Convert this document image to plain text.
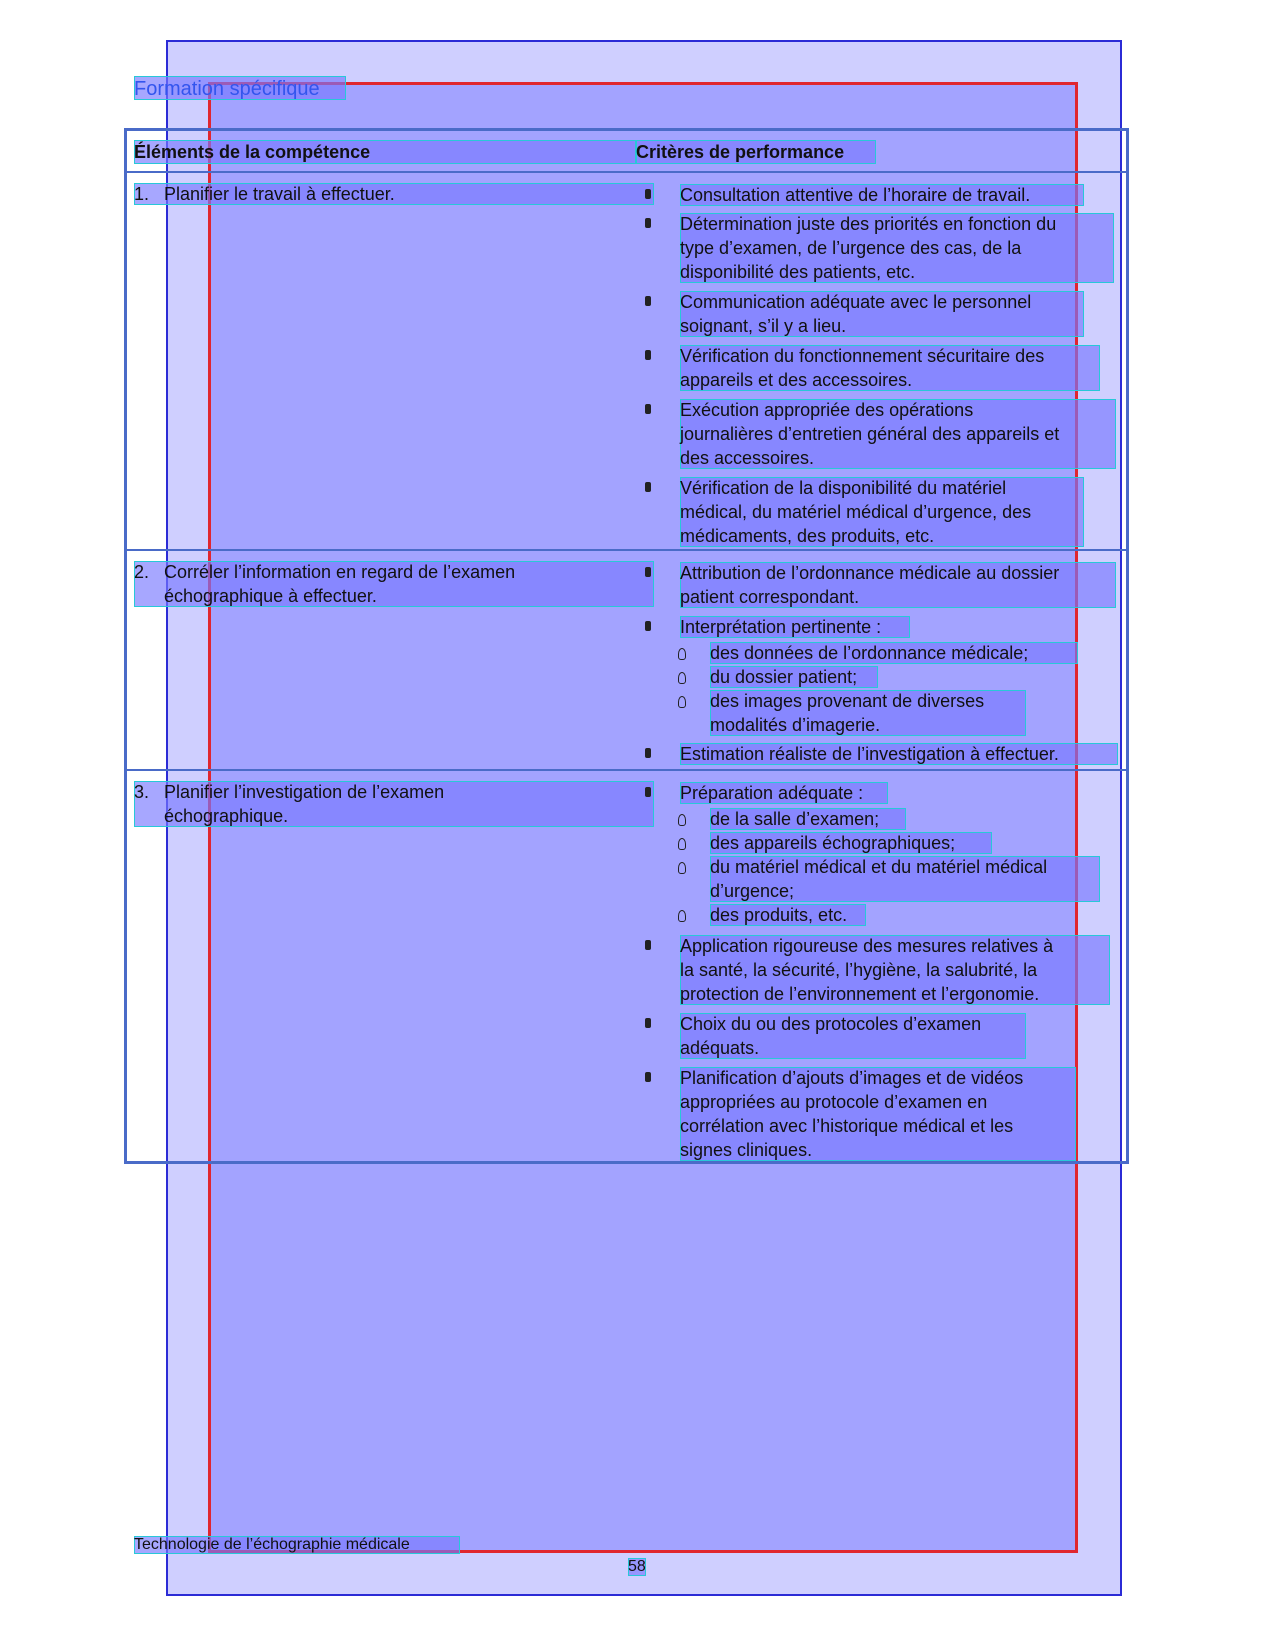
Formation spécifique
Éléments de la compétence	Critères de performance
1. Planifier le travail à effectuer.	Consultation attentive de l’horaire de travail.
Détermination juste des priorités en fonction du
type d’examen, de l’urgence des cas, de la
disponibilité des patients, etc.
Communication adéquate avec le personnel
soignant, s’il y a lieu.
Vérification du fonctionnement sécuritaire des
appareils et des accessoires.
Exécution appropriée des opérations
journalières d’entretien général des appareils et
des accessoires.
Vérification de la disponibilité du matériel
médical, du matériel médical d’urgence, des
médicaments, des produits, etc.
2. Corréler l’information en regard de l’examen
échographique à effectuer.
Attribution de l’ordonnance médicale au dossier
patient correspondant.
Interprétation pertinente :
des données de l’ordonnance médicale;
du dossier patient;
des images provenant de diverses
modalités d’imagerie.
Estimation réaliste de l’investigation à effectuer.
3. Planifier l’investigation de l’examen
échographique.
Préparation adéquate :
de la salle d’examen;
des appareils échographiques;
du matériel médical et du matériel médical
d’urgence;
des produits, etc.
Application rigoureuse des mesures relatives à
la santé, la sécurité, l’hygiène, la salubrité, la
protection de l’environnement et l’ergonomie.
Choix du ou des protocoles d’examen
adéquats.
Planification d’ajouts d’images et de vidéos
appropriées au protocole d’examen en
corrélation avec l’historique médical et les
signes cliniques.
Technologie de l’échographie médicale
58
